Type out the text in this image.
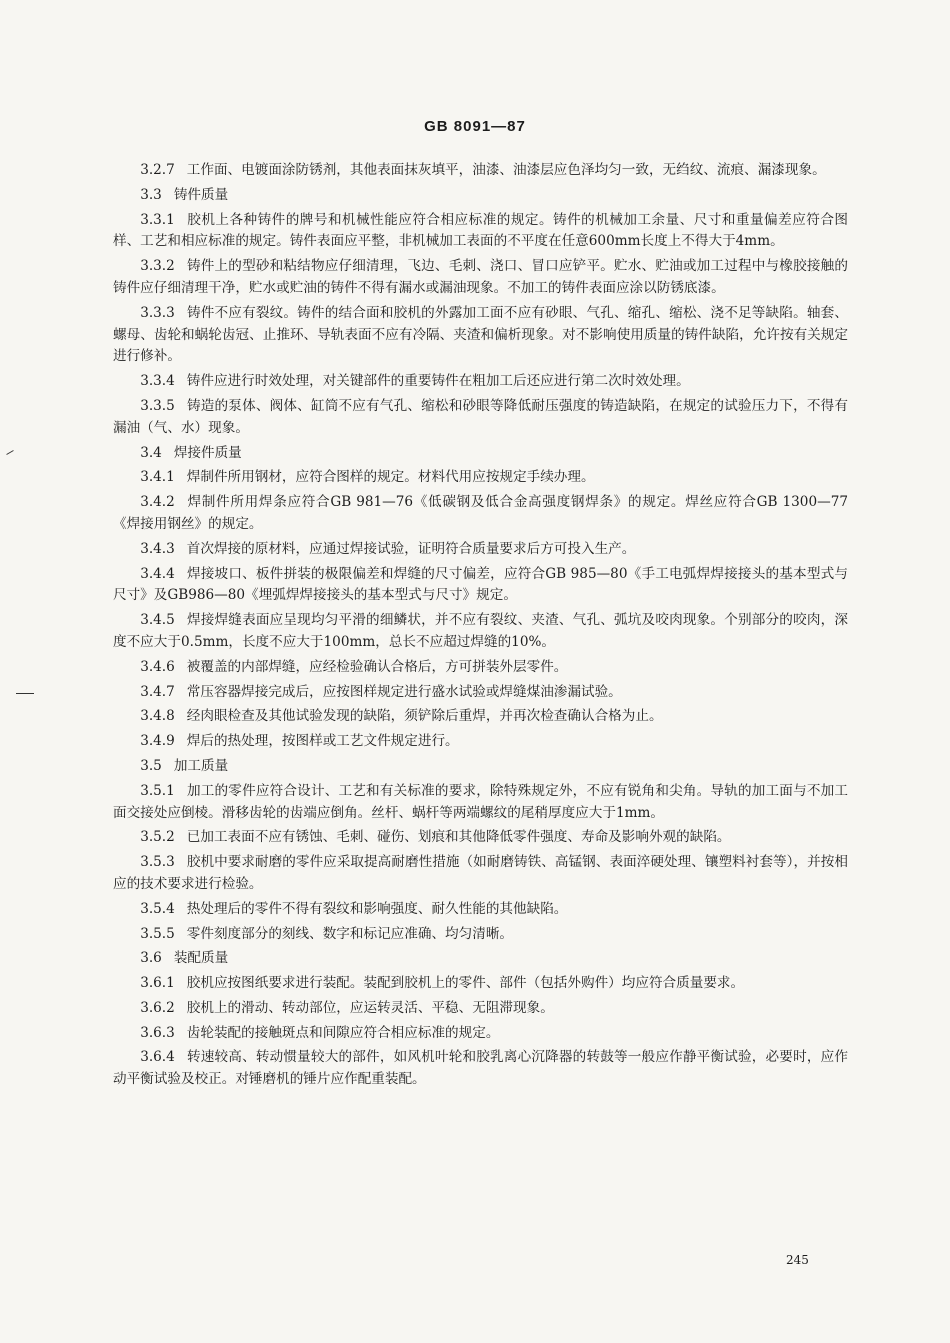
GB 8091—87
3.2.7 工作面、电镀面涂防锈剂，其他表面抹灰填平，油漆、油漆层应色泽均匀一致，无绉纹、流痕、漏漆现象。
3.3 铸件质量
3.3.1 胶机上各种铸件的牌号和机械性能应符合相应标准的规定。铸件的机械加工余量、尺寸和重量偏差应符合图样、工艺和相应标准的规定。铸件表面应平整，非机械加工表面的不平度在任意600mm长度上不得大于4mm。
3.3.2 铸件上的型砂和粘结物应仔细清理，飞边、毛刺、浇口、冒口应铲平。贮水、贮油或加工过程中与橡胶接触的铸件应仔细清理干净，贮水或贮油的铸件不得有漏水或漏油现象。不加工的铸件表面应涂以防锈底漆。
3.3.3 铸件不应有裂纹。铸件的结合面和胶机的外露加工面不应有砂眼、气孔、缩孔、缩松、浇不足等缺陷。轴套、螺母、齿轮和蜗轮齿冠、止推环、导轨表面不应有冷隔、夹渣和偏析现象。对不影响使用质量的铸件缺陷，允许按有关规定进行修补。
3.3.4 铸件应进行时效处理，对关键部件的重要铸件在粗加工后还应进行第二次时效处理。
3.3.5 铸造的泵体、阀体、缸筒不应有气孔、缩松和砂眼等降低耐压强度的铸造缺陷，在规定的试验压力下，不得有漏油（气、水）现象。
3.4 焊接件质量
3.4.1 焊制件所用钢材，应符合图样的规定。材料代用应按规定手续办理。
3.4.2 焊制件所用焊条应符合GB 981—76《低碳钢及低合金高强度钢焊条》的规定。焊丝应符合GB 1300—77《焊接用钢丝》的规定。
3.4.3 首次焊接的原材料，应通过焊接试验，证明符合质量要求后方可投入生产。
3.4.4 焊接坡口、板件拼装的极限偏差和焊缝的尺寸偏差，应符合GB 985—80《手工电弧焊焊接接头的基本型式与尺寸》及GB986—80《埋弧焊焊接接头的基本型式与尺寸》规定。
3.4.5 焊接焊缝表面应呈现均匀平滑的细鳞状，并不应有裂纹、夹渣、气孔、弧坑及咬肉现象。个别部分的咬肉，深度不应大于0.5mm，长度不应大于100mm，总长不应超过焊缝的10%。
3.4.6 被覆盖的内部焊缝，应经检验确认合格后，方可拼装外层零件。
3.4.7 常压容器焊接完成后，应按图样规定进行盛水试验或焊缝煤油渗漏试验。
3.4.8 经肉眼检查及其他试验发现的缺陷，须铲除后重焊，并再次检查确认合格为止。
3.4.9 焊后的热处理，按图样或工艺文件规定进行。
3.5 加工质量
3.5.1 加工的零件应符合设计、工艺和有关标准的要求，除特殊规定外，不应有锐角和尖角。导轨的加工面与不加工面交接处应倒棱。滑移齿轮的齿端应倒角。丝杆、蜗杆等两端螺纹的尾稍厚度应大于1mm。
3.5.2 已加工表面不应有锈蚀、毛刺、碰伤、划痕和其他降低零件强度、寿命及影响外观的缺陷。
3.5.3 胶机中要求耐磨的零件应采取提高耐磨性措施（如耐磨铸铁、高锰钢、表面淬硬处理、镶塑料衬套等），并按相应的技术要求进行检验。
3.5.4 热处理后的零件不得有裂纹和影响强度、耐久性能的其他缺陷。
3.5.5 零件刻度部分的刻线、数字和标记应准确、均匀清晰。
3.6 装配质量
3.6.1 胶机应按图纸要求进行装配。装配到胶机上的零件、部件（包括外购件）均应符合质量要求。
3.6.2 胶机上的滑动、转动部位，应运转灵活、平稳、无阻滞现象。
3.6.3 齿轮装配的接触斑点和间隙应符合相应标准的规定。
3.6.4 转速较高、转动惯量较大的部件，如风机叶轮和胶乳离心沉降器的转鼓等一般应作静平衡试验，必要时，应作动平衡试验及校正。对锤磨机的锤片应作配重装配。
245
